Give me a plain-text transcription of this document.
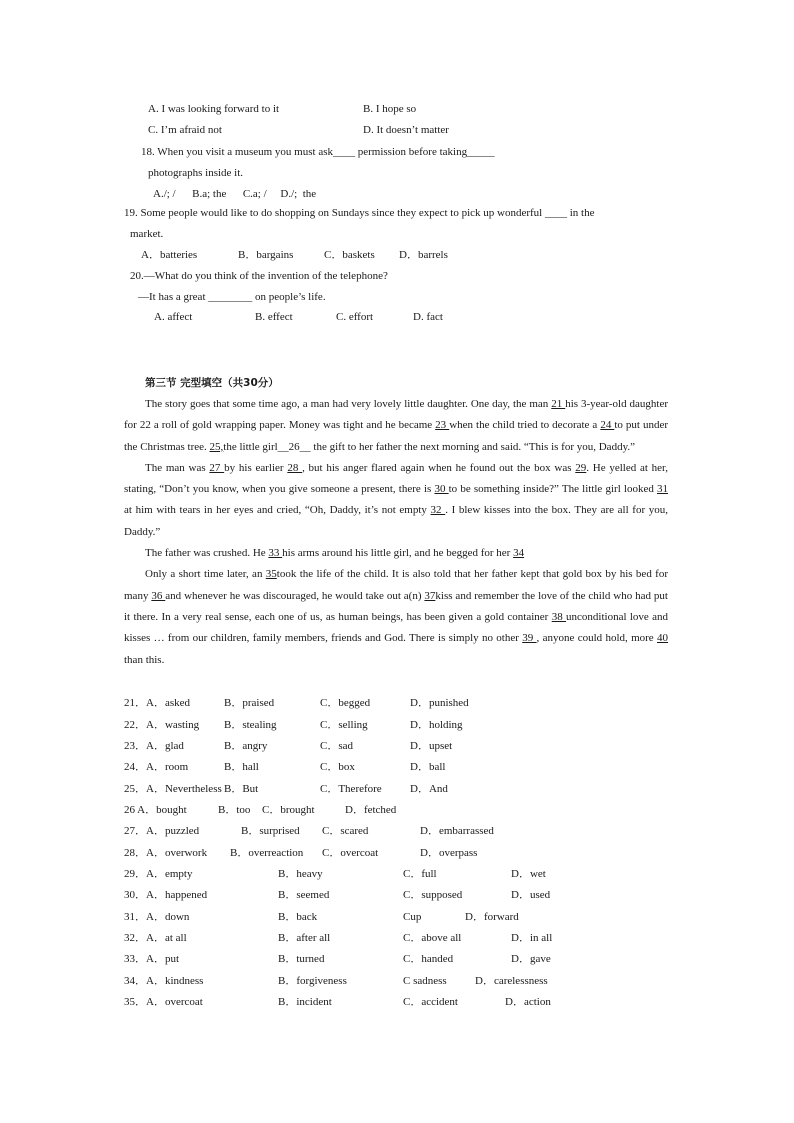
A. I was looking forward to it	B. I hope so
C. I’m afraid not	D. It doesn’t matter
18. When you visit a museum you must ask____ permission before taking_____
photographs inside it.
A./; /      B.a; the      C.a; /     D./;  the
19. Some people would like to do shopping on Sundays since they expect to pick up wonderful ____ in the
market.
A．batteries	B．bargains	C．baskets D．barrels
20.—What do you think of the invention of the telephone?
—It has a great ________ on people’s life.
A. affect	B. effect	C. effort	D. fact
第三节 完型填空（共30分）

The story goes that some time ago, a man had very lovely little daughter. One day, the man 21 his 3-year-old daughter for 22 a roll of gold wrapping paper. Money was tight and he became 23 when the child tried to decorate a 24 to put under the Christmas tree. 25,the little girl__26__ the gift to her father the next morning and said. “This is for you, Daddy.”

The man was 27 by his earlier 28 , but his anger flared again when he found out the box was 29. He yelled at her, stating, “Don’t you know, when you give someone a present, there is 30 to be something inside?” The little girl looked 31 at him with tears in her eyes and cried, “Oh, Daddy, it’s not empty 32 . I blew kisses into the box. They are all for you, Daddy.”

The father was crushed. He 33 his arms around his little girl, and he begged for her 34

Only a short time later, an 35took the life of the child. It is also told that her father kept that gold box by his bed for many 36 and whenever he was discouraged, he would take out a(n) 37kiss and remember the love of the child who had put it there. In a very real sense, each one of us, as human beings, has been given a gold container 38 unconditional love and kisses … from our children, family members, friends and God. There is simply no other 39 , anyone could hold, more 40 than this.

21．A．asked	B．praised	C．begged	D．punished
22．A．wasting B．stealing	C．selling	D．holding
23．A．glad	B．angry	C．sad	D．upset
24．A．room	B．hall	C．box	D．ball
25．A．Nevertheless B．But	C．Therefore	D．And
26 A．bought	B．too C．brought	D．fetched
27．A．puzzled	B．surprised C．scared	D．embarrassed
28．A．overwork B．overreaction C．overcoat	D．overpass
29．A．empty	B．heavy	C．full	D．wet
30．A．happened	B．seemed	C．supposed	D．used
31．A．down	B．back	Cup	D．forward
32．A．at all	B．after all	C．above all	D．in all
33．A．put	B．turned	C．handed	D．gave
34．A．kindness	B．forgiveness	C sadness	D．carelessness
35．A．overcoat	B．incident	C．accident	D．action
